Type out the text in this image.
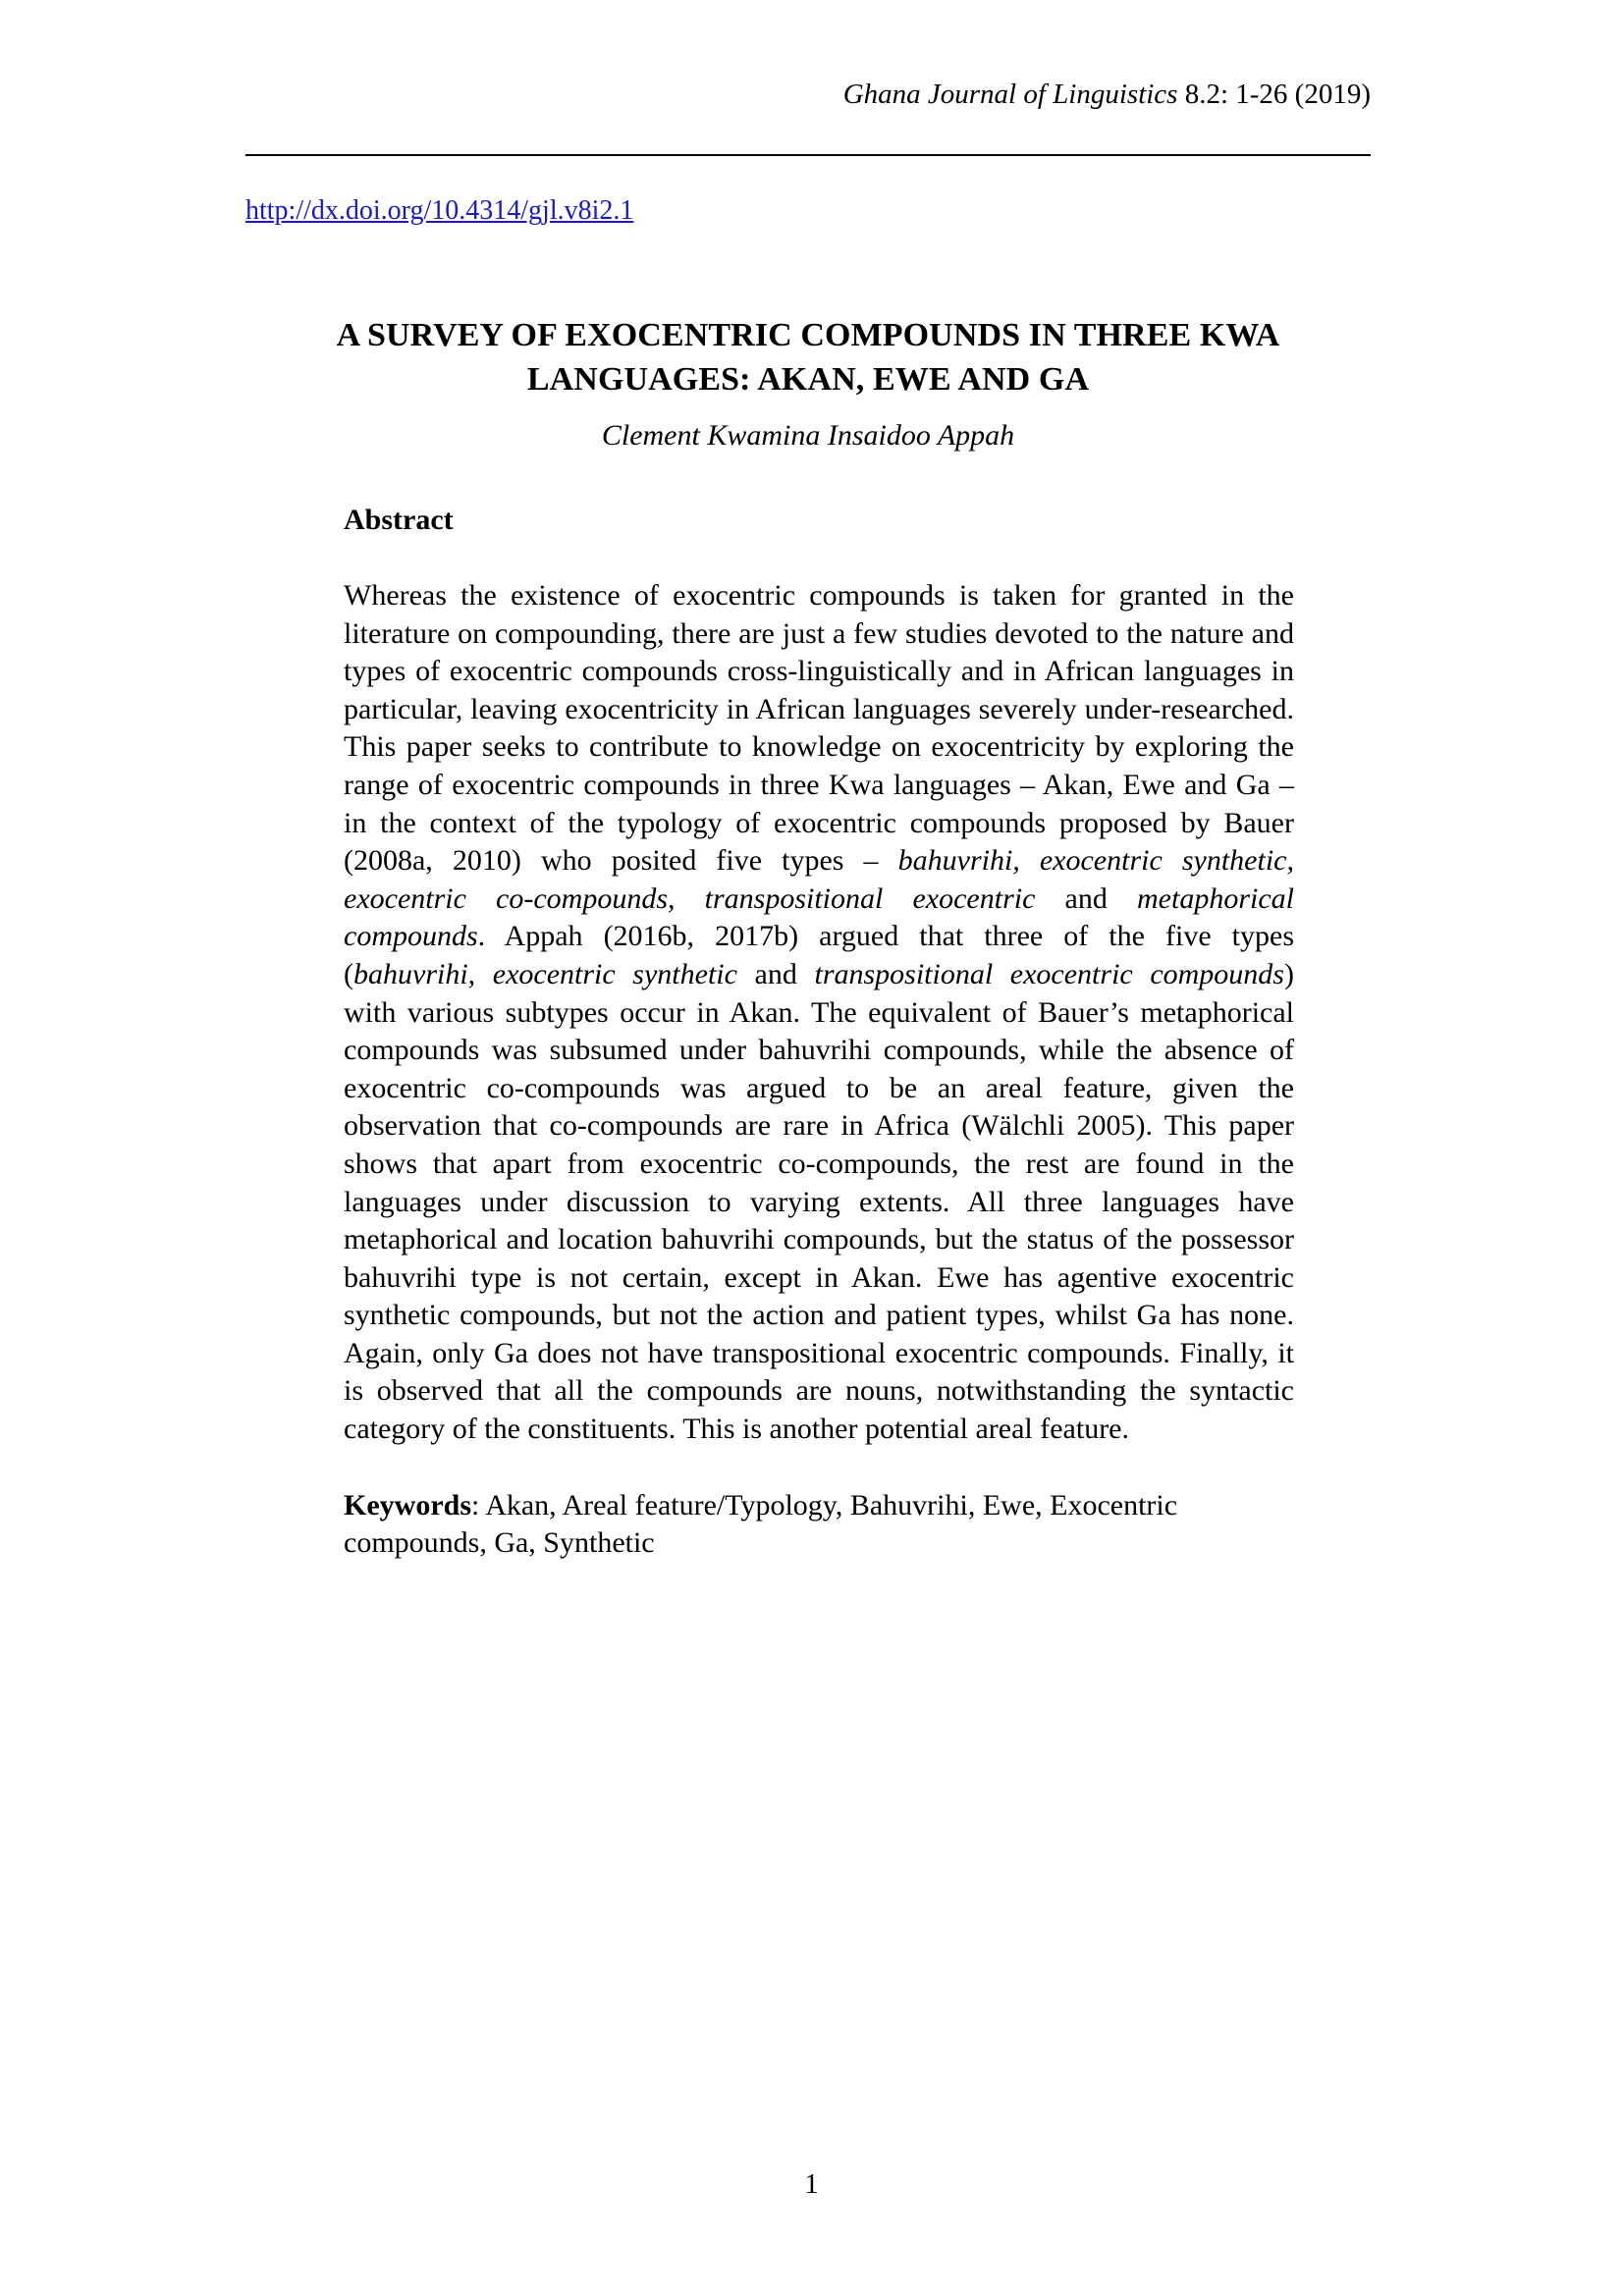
Ghana Journal of Linguistics 8.2: 1-26 (2019)
http://dx.doi.org/10.4314/gjl.v8i2.1
A SURVEY OF EXOCENTRIC COMPOUNDS IN THREE KWA
LANGUAGES: AKAN, EWE AND GA
Clement Kwamina Insaidoo Appah
Abstract

Whereas the existence of exocentric compounds is taken for granted in the literature on compounding, there are just a few studies devoted to the nature and types of exocentric compounds cross-linguistically and in African languages in particular, leaving exocentricity in African languages severely under-researched. This paper seeks to contribute to knowledge on exocentricity by exploring the range of exocentric compounds in three Kwa languages – Akan, Ewe and Ga – in the context of the typology of exocentric compounds proposed by Bauer (2008a, 2010) who posited five types – bahuvrihi, exocentric synthetic, exocentric co-compounds, transpositional exocentric and metaphorical compounds. Appah (2016b, 2017b) argued that three of the five types (bahuvrihi, exocentric synthetic and transpositional exocentric compounds) with various subtypes occur in Akan. The equivalent of Bauer’s metaphorical compounds was subsumed under bahuvrihi compounds, while the absence of exocentric co-compounds was argued to be an areal feature, given the observation that co-compounds are rare in Africa (Wälchli 2005). This paper shows that apart from exocentric co-compounds, the rest are found in the languages under discussion to varying extents. All three languages have metaphorical and location bahuvrihi compounds, but the status of the possessor bahuvrihi type is not certain, except in Akan. Ewe has agentive exocentric synthetic compounds, but not the action and patient types, whilst Ga has none. Again, only Ga does not have transpositional exocentric compounds. Finally, it is observed that all the compounds are nouns, notwithstanding the syntactic category of the constituents. This is another potential areal feature.

Keywords: Akan, Areal feature/Typology, Bahuvrihi, Ewe, Exocentric compounds, Ga, Synthetic

1
